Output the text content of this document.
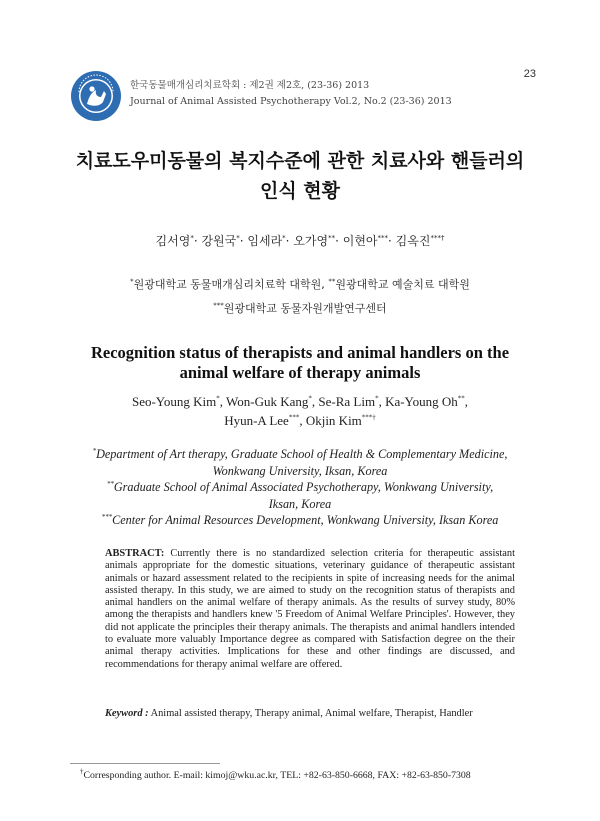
한국동물매개심리치료학회 : 제2권 제2호, (23-36) 2013
Journal of Animal Assisted Psychotherapy Vol.2, No.2 (23-36) 2013
23
치료도우미동물의 복지수준에 관한 치료사와 핸들러의
인식 현황
김서영*· 강원국*· 임세라*· 오가영**· 이현아***· 김옥진***†
*원광대학교 동물매개심리치료학 대학원, **원광대학교 예술치료 대학원
***원광대학교 동물자원개발연구센터
Recognition status of therapists and animal handlers on the
animal welfare of therapy animals
Seo-Young Kim*, Won-Guk Kang*, Se-Ra Lim*, Ka-Young Oh**,
Hyun-A Lee***, Okjin Kim***†
*Department of Art therapy, Graduate School of Health & Complementary Medicine,
Wonkwang University, Iksan, Korea
**Graduate School of Animal Associated Psychotherapy, Wonkwang University,
Iksan, Korea
***Center for Animal Resources Development, Wonkwang University, Iksan Korea
ABSTRACT: Currently there is no standardized selection criteria for therapeutic assistant animals appropriate for the domestic situations, veterinary guidance of therapeutic assistant animals or hazard assessment related to the recipients in spite of increasing needs for the animal assisted therapy. In this study, we are aimed to study on the recognition status of therapists and animal handlers on the animal welfare of therapy animals. As the results of survey study, 80% among the therapists and handlers knew '5 Freedom of Animal Welfare Principles'. However, they did not applicate the principles their therapy animals. The therapists and animal handlers intended to evaluate more valuably Importance degree as compared with Satisfaction degree on the their animal therapy activities. Implications for these and other findings are discussed, and recommendations for therapy animal welfare are offered.
Keyword : Animal assisted therapy, Therapy animal, Animal welfare, Therapist, Handler
†Corresponding author. E-mail: kimoj@wku.ac.kr, TEL: +82-63-850-6668, FAX: +82-63-850-7308
